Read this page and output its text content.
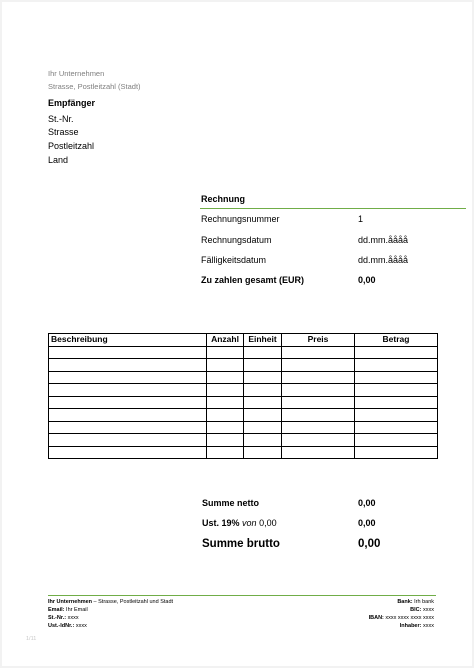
Ihr Unternehmen
Strasse, Postleitzahl (Stadt)
Empfänger
St.-Nr.
Strasse
Postleitzahl
Land
Rechnung
Rechnungsnummer	1
Rechnungsdatum	dd.mm.åååå
Fälligkeitsdatum	dd.mm.åååå
Zu zahlen gesamt (EUR)	0,00
Beschreibung	Anzahl	Einheit	Preis	Betrag

Summe netto	0,00
Ust. 19% von 0,00	0,00
Summe brutto	0,00
Ihr Unternehmen – Strasse, Postleitzahl und Stadt
Email: Ihr Email
St.-Nr.: xxxx
Ust.-IdNr.: xxxx
Bank: Irh bank
BIC: xxxx
IBAN: xxxx xxxx xxxx xxxx
Inhaber: xxxx
1/11
